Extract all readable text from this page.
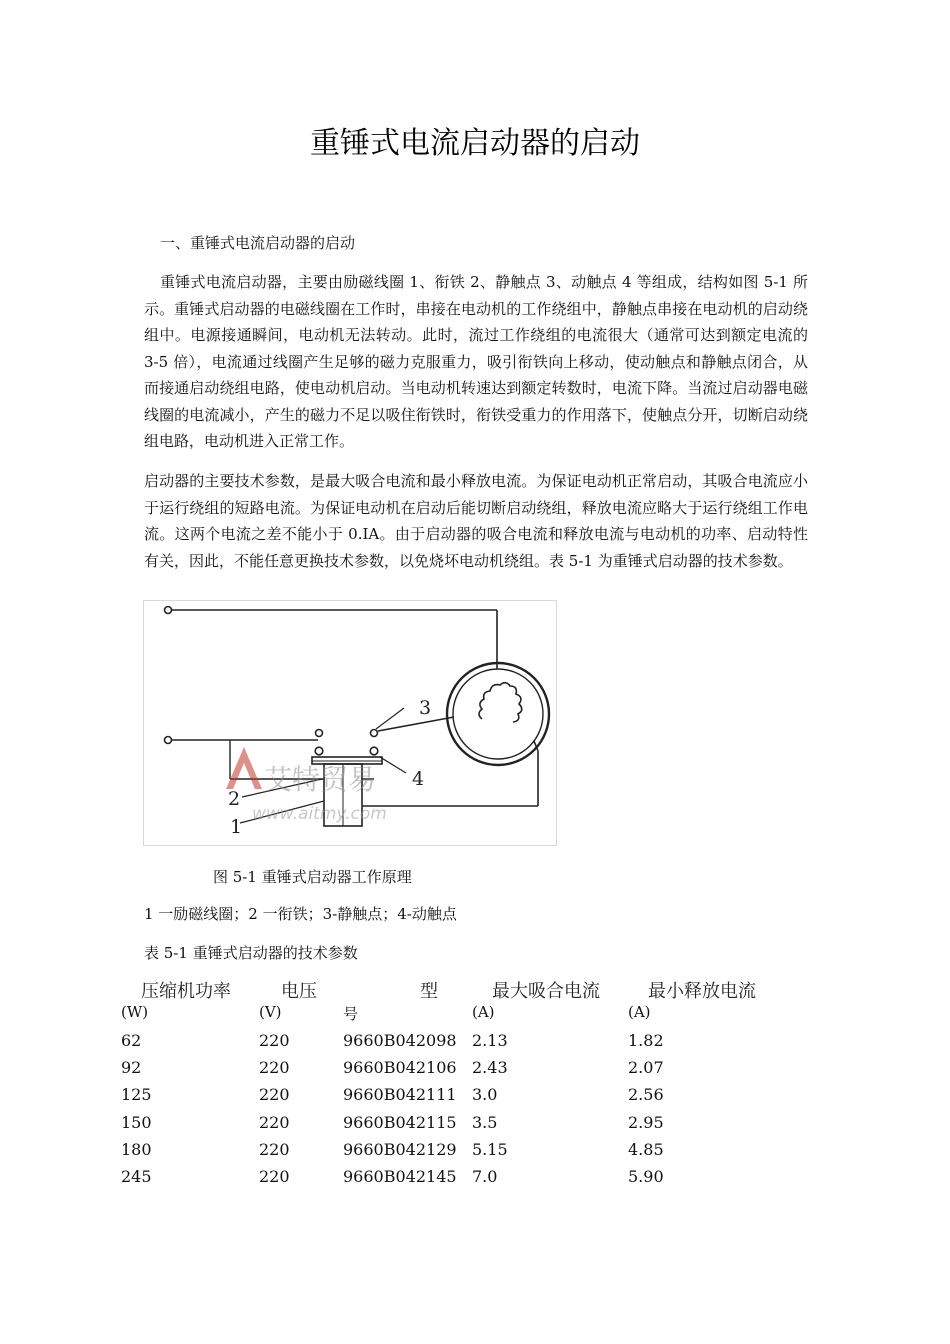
重锤式电流启动器的启动
一、重锤式电流启动器的启动
重锤式电流启动器，主要由励磁线圈 1、衔铁 2、静触点 3、动触点 4 等组成，结构如图 5-1 所示。重锤式启动器的电磁线圈在工作时，串接在电动机的工作绕组中，静触点串接在电动机的启动绕组中。电源接通瞬间，电动机无法转动。此时，流过工作绕组的电流很大（通常可达到额定电流的 3-5 倍），电流通过线圈产生足够的磁力克服重力，吸引衔铁向上移动，使动触点和静触点闭合，从而接通启动绕组电路，使电动机启动。当电动机转速达到额定转数时，电流下降。当流过启动器电磁线圈的电流减小，产生的磁力不足以吸住衔铁时，衔铁受重力的作用落下，使触点分开，切断启动绕组电路，电动机进入正常工作。
启动器的主要技术参数，是最大吸合电流和最小释放电流。为保证电动机正常启动，其吸合电流应小于运行绕组的短路电流。为保证电动机在启动后能切断启动绕组，释放电流应略大于运行绕组工作电流。这两个电流之差不能小于 0.IA。由于启动器的吸合电流和释放电流与电动机的功率、启动特性有关，因此，不能任意更换技术参数，以免烧坏电动机绕组。表 5-1 为重锤式启动器的技术参数。
艾特贸易
www.aitmy.com
3
4
2
1
图 5-1 重锤式启动器工作原理
1 一励磁线圈；2 一衔铁；3-静触点；4-动触点
表 5-1 重锤式启动器的技术参数
压缩机功率	电压	型	最大吸合电流	最小释放电流
(W)	(V)	号	(A)	(A)
62	220	9660B042098 2.13	1.82
92	220	9660B042106 2.43	2.07
125	220	9660B042111 3.0	2.56
150	220	9660B042115 3.5	2.95
180	220	9660B042129 5.15	4.85
245	220	9660B042145 7.0	5.90
